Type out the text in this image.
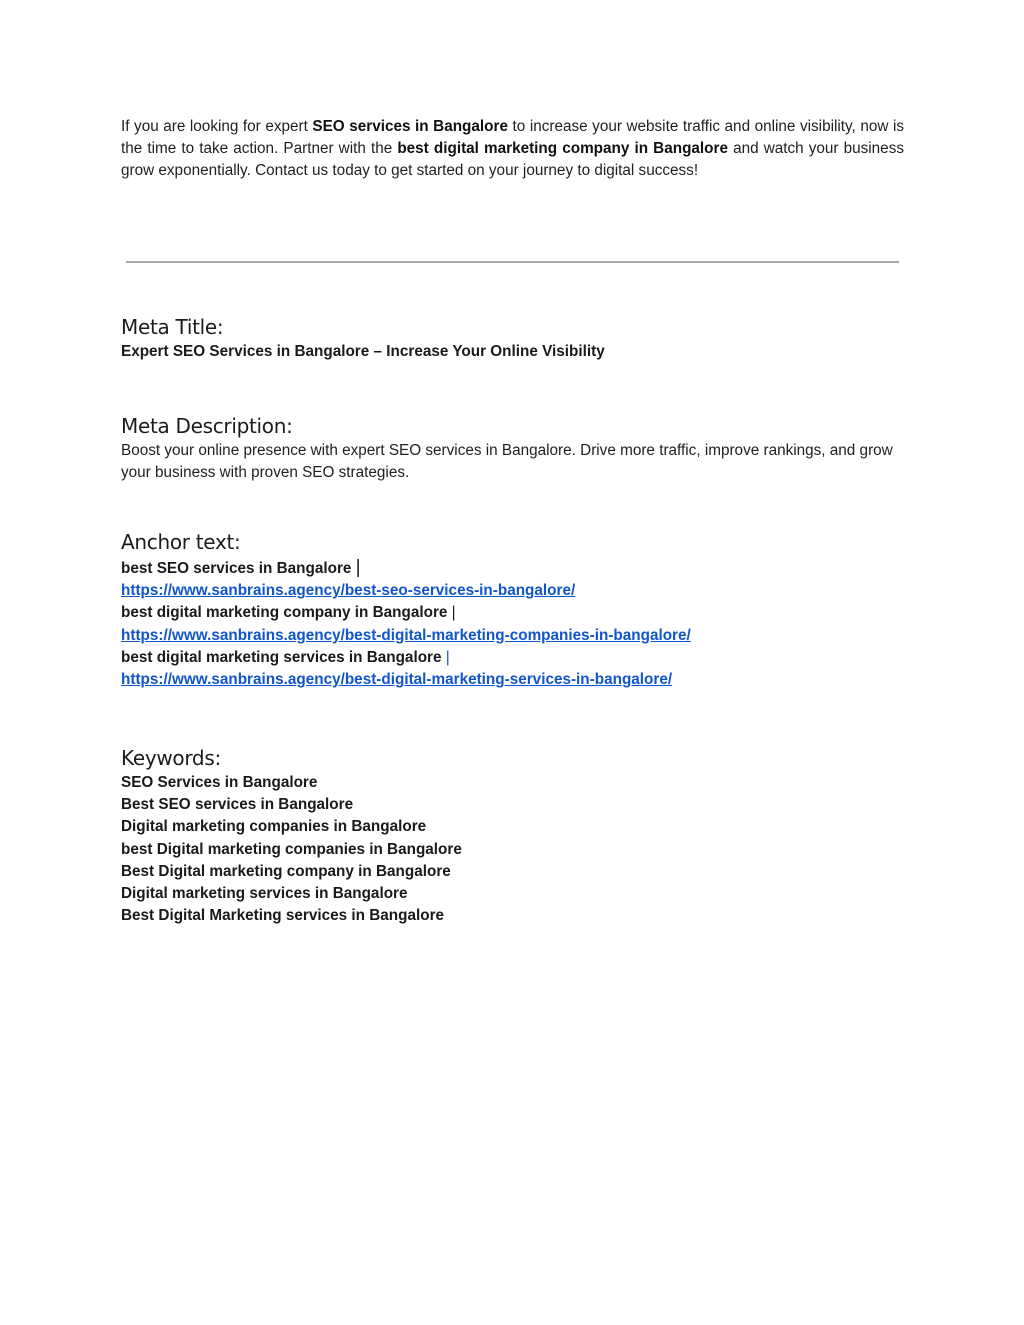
If you are looking for expert SEO services in Bangalore to increase your website traffic and online visibility, now is the time to take action. Partner with the best digital marketing company in Bangalore and watch your business grow exponentially. Contact us today to get started on your journey to digital success!

Meta Title:

Expert SEO Services in Bangalore – Increase Your Online Visibility

Meta Description:

Boost your online presence with expert SEO services in Bangalore. Drive more traffic, improve rankings, and grow your business with proven SEO strategies.

Anchor text:
best SEO services in Bangalore |
https://www.sanbrains.agency/best-seo-services-in-bangalore/
best digital marketing company in Bangalore |
https://www.sanbrains.agency/best-digital-marketing-companies-in-bangalore/
best digital marketing services in Bangalore |
https://www.sanbrains.agency/best-digital-marketing-services-in-bangalore/
Keywords:
SEO Services in Bangalore
Best SEO services in Bangalore
Digital marketing companies in Bangalore
best Digital marketing companies in Bangalore
Best Digital marketing company in Bangalore
Digital marketing services in Bangalore
Best Digital Marketing services in Bangalore
